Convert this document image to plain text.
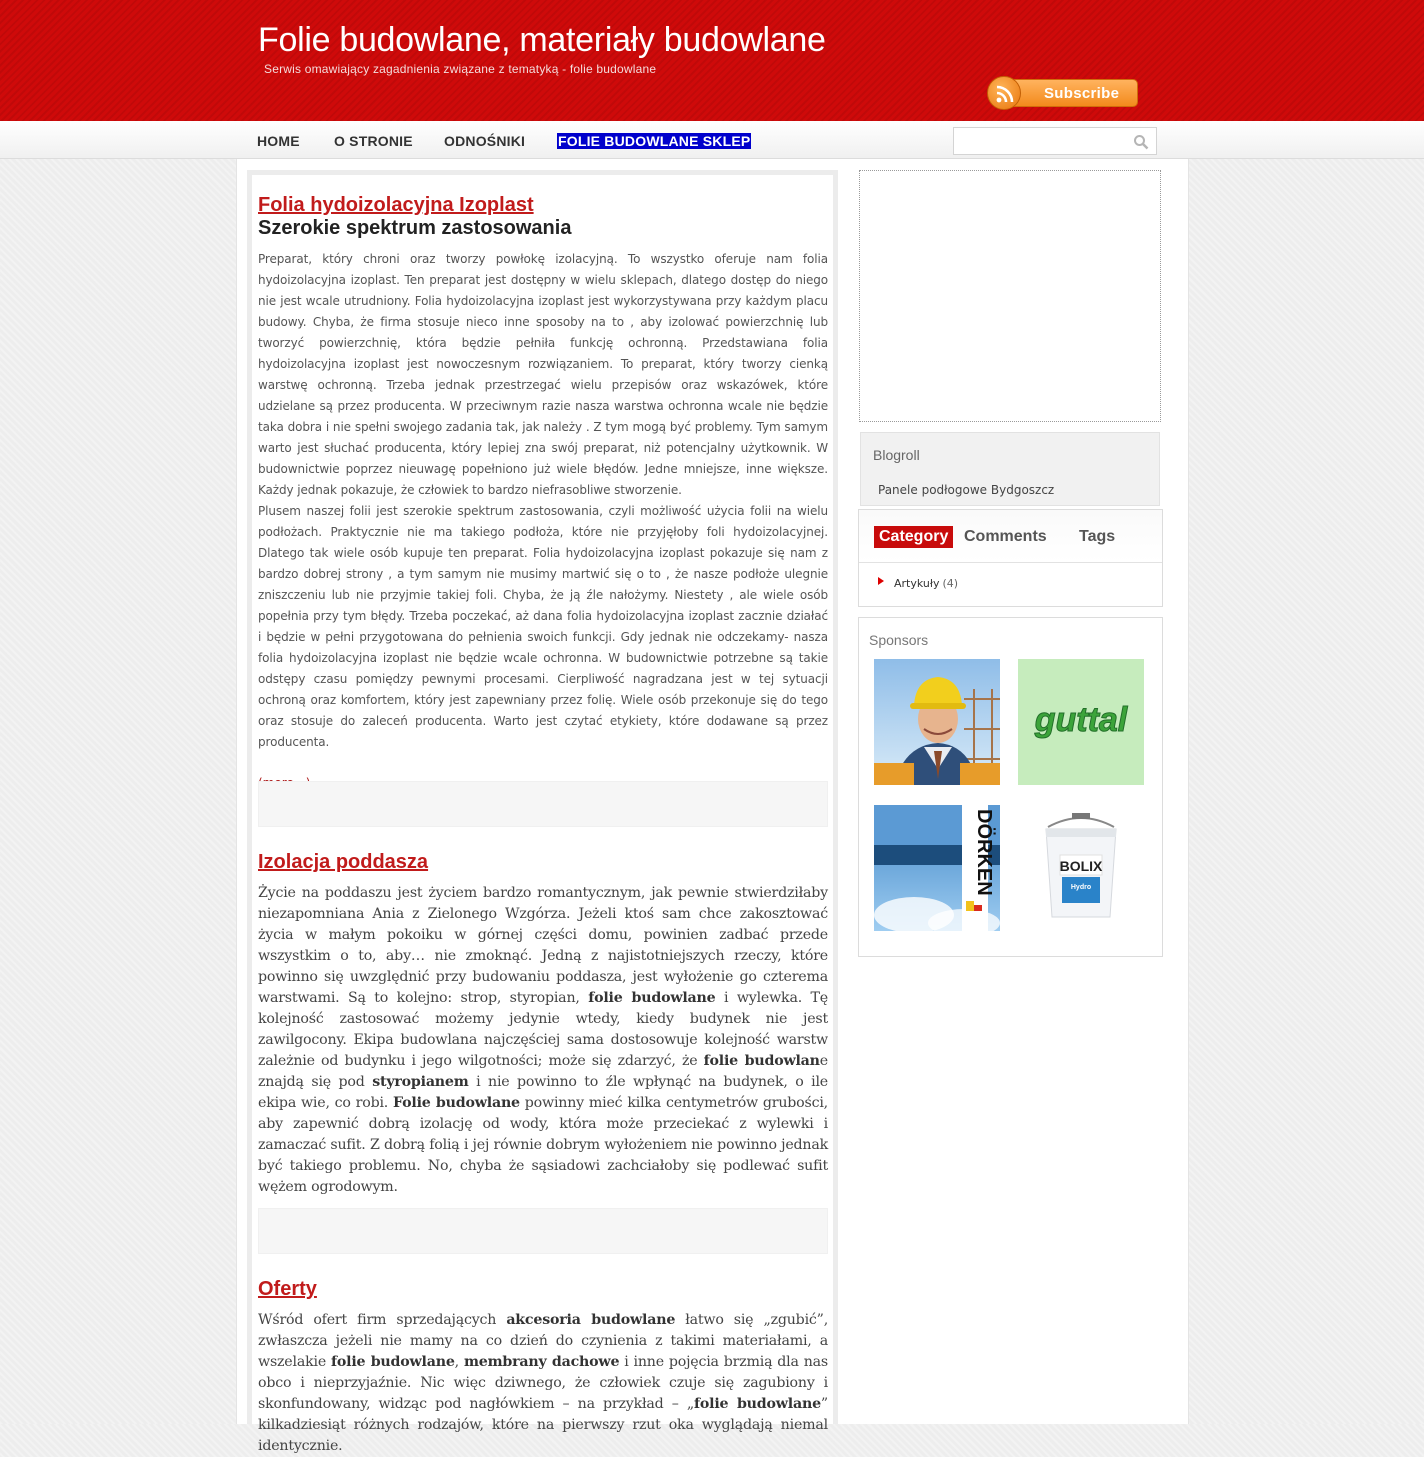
Folie budowlane, materiały budowlane
Serwis omawiający zagadnienia związane z tematyką - folie budowlane
Subscribe
HOME O STRONIE ODNOŚNIKI FOLIE BUDOWLANE SKLEP
Folia hydoizolacyjna Izoplast
Szerokie spektrum zastosowania
Preparat, który chroni oraz tworzy powłokę izolacyjną. To wszystko oferuje nam folia hydoizolacyjna izoplast. Ten preparat jest dostępny w wielu sklepach, dlatego dostęp do niego nie jest wcale utrudniony. Folia hydoizolacyjna izoplast jest wykorzystywana przy każdym placu budowy. Chyba, że firma stosuje nieco inne sposoby na to , aby izolować powierzchnię lub tworzyć powierzchnię, która będzie pełniła funkcję ochronną. Przedstawiana folia hydoizolacyjna izoplast jest nowoczesnym rozwiązaniem. To preparat, który tworzy cienką warstwę ochronną. Trzeba jednak przestrzegać wielu przepisów oraz wskazówek, które udzielane są przez producenta. W przeciwnym razie nasza warstwa ochronna wcale nie będzie taka dobra i nie spełni swojego zadania tak, jak należy . Z tym mogą być problemy. Tym samym warto jest słuchać producenta, który lepiej zna swój preparat, niż potencjalny użytkownik. W budownictwie poprzez nieuwagę popełniono już wiele błędów. Jedne mniejsze, inne większe. Każdy jednak pokazuje, że człowiek to bardzo niefrasobliwe stworzenie.
Plusem naszej folii jest szerokie spektrum zastosowania, czyli możliwość użycia folii na wielu podłożach. Praktycznie nie ma takiego podłoża, które nie przyjęłoby foli hydoizolacyjnej. Dlatego tak wiele osób kupuje ten preparat. Folia hydoizolacyjna izoplast pokazuje się nam z bardzo dobrej strony , a tym samym nie musimy martwić się o to , że nasze podłoże ulegnie zniszczeniu lub nie przyjmie takiej foli. Chyba, że ją źle nałożymy. Niestety , ale wiele osób popełnia przy tym błędy. Trzeba poczekać, aż dana folia hydoizolacyjna izoplast zacznie działać i będzie w pełni przygotowana do pełnienia swoich funkcji. Gdy jednak nie odczekamy- nasza folia hydoizolacyjna izoplast nie będzie wcale ochronna. W budownictwie potrzebne są takie odstępy czasu pomiędzy pewnymi procesami. Cierpliwość nagradzana jest w tej sytuacji ochroną oraz komfortem, który jest zapewniany przez folię. Wiele osób przekonuje się do tego oraz stosuje do zaleceń producenta. Warto jest czytać etykiety, które dodawane są przez producenta.
Izolacja poddasza
Życie na poddaszu jest życiem bardzo romantycznym, jak pewnie stwierdziłaby niezapomniana Ania z Zielonego Wzgórza. Jeżeli ktoś sam chce zakosztować życia w małym pokoiku w górnej części domu, powinien zadbać przede wszystkim o to, aby… nie zmoknąć. Jedną z najistotniejszych rzeczy, które powinno się uwzględnić przy budowaniu poddasza, jest wyłożenie go czterema warstwami. Są to kolejno: strop, styropian, folie budowlane i wylewka. Tę kolejność zastosować możemy jedynie wtedy, kiedy budynek nie jest zawilgocony. Ekipa budowlana najczęściej sama dostosowuje kolejność warstw zależnie od budynku i jego wilgotności; może się zdarzyć, że folie budowlane znajdą się pod styropianem i nie powinno to źle wpłynąć na budynek, o ile ekipa wie, co robi. Folie budowlane powinny mieć kilka centymetrów grubości, aby zapewnić dobrą izolację od wody, która może przeciekać z wylewki i zamaczać sufit. Z dobrą folią i jej równie dobrym wyłożeniem nie powinno jednak być takiego problemu. No, chyba że sąsiadowi zachciałoby się podlewać sufit wężem ogrodowym.
Oferty
Wśród ofert firm sprzedających akcesoria budowlane łatwo się „zgubić”, zwłaszcza jeżeli nie mamy na co dzień do czynienia z takimi materiałami, a wszelakie folie budowlane, membrany dachowe i inne pojęcia brzmią dla nas obco i nieprzyjaźnie. Nic więc dziwnego, że człowiek czuje się zagubiony i skonfundowany, widząc pod nagłówkiem – na przykład – „folie budowlane” kilkadziesiąt różnych rodzajów, które na pierwszy rzut oka wyglądają niemal identycznie.
Blogroll
Panele podłogowe Bydgoszcz
Category Comments	Tags
Artykuły (4)
Sponsors
guttal
DÖRKEN	BOLIX
Hydro
